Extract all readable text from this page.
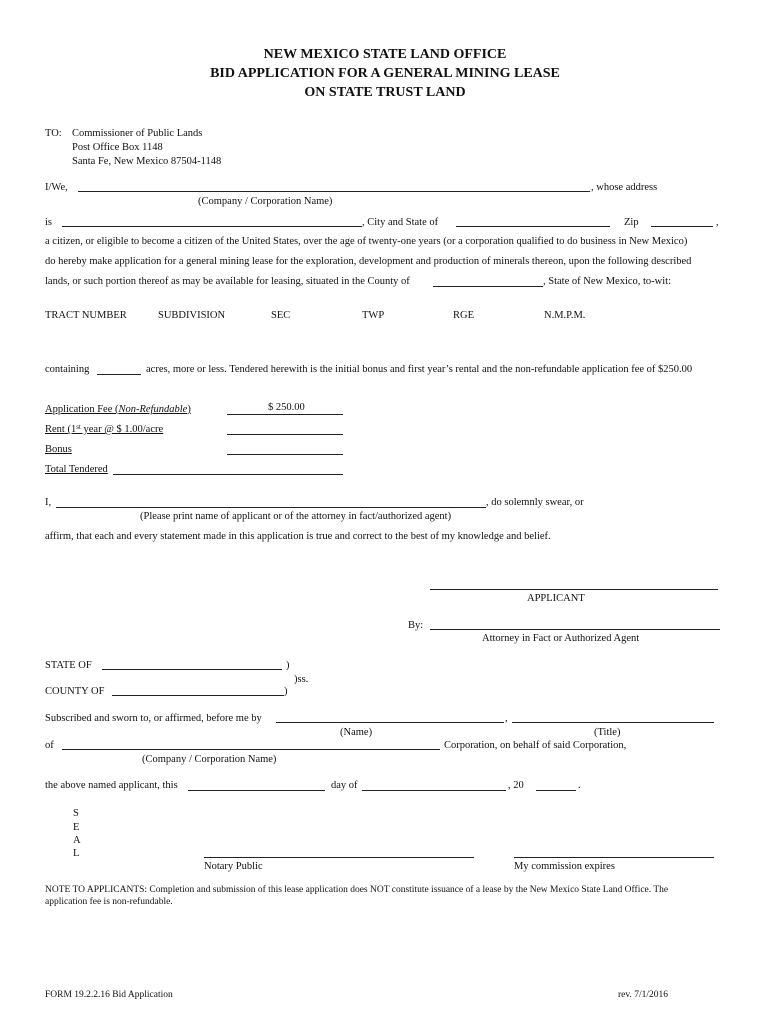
NEW MEXICO STATE LAND OFFICE
BID APPLICATION FOR A GENERAL MINING LEASE
ON STATE TRUST LAND
TO: Commissioner of Public Lands
Post Office Box 1148
Santa Fe, New Mexico 87504-1148
I/We,	, whose address
(Company / Corporation Name)
is	, City and State of	Zip	,
a citizen, or eligible to become a citizen of the United States, over the age of twenty-one years (or a corporation qualified to do business in New Mexico)
do hereby make application for a general mining lease for the exploration, development and production of minerals thereon, upon the following described
lands, or such portion thereof as may be available for leasing, situated in the County of	, State of New Mexico, to-wit:
TRACT NUMBER	SUBDIVISION	SEC	TWP	RGE	N.M.P.M.
containing	acres, more or less. Tendered herewith is the initial bonus and first year’s rental and the non-refundable application fee of $250.00
Application Fee (Non-Refundable)	$ 250.00
Rent (1st year @ $ 1.00/acre
Bonus
Total Tendered
I,	, do solemnly swear, or
(Please print name of applicant or of the attorney in fact/authorized agent)
affirm, that each and every statement made in this application is true and correct to the best of my knowledge and belief.
APPLICANT
By:
Attorney in Fact or Authorized Agent
STATE OF	)
)ss.
COUNTY OF	)
Subscribed and sworn to, or affirmed, before me by	,
(Name)	(Title)
of	Corporation, on behalf of said Corporation,
(Company / Corporation Name)
the above named applicant, this	day of	, 20	.
S
E
A
L
Notary Public	My commission expires
NOTE TO APPLICANTS: Completion and submission of this lease application does NOT constitute issuance of a lease by the New Mexico State Land Office. The
application fee is non-refundable.
FORM 19.2.2.16 Bid Application	rev. 7/1/2016
